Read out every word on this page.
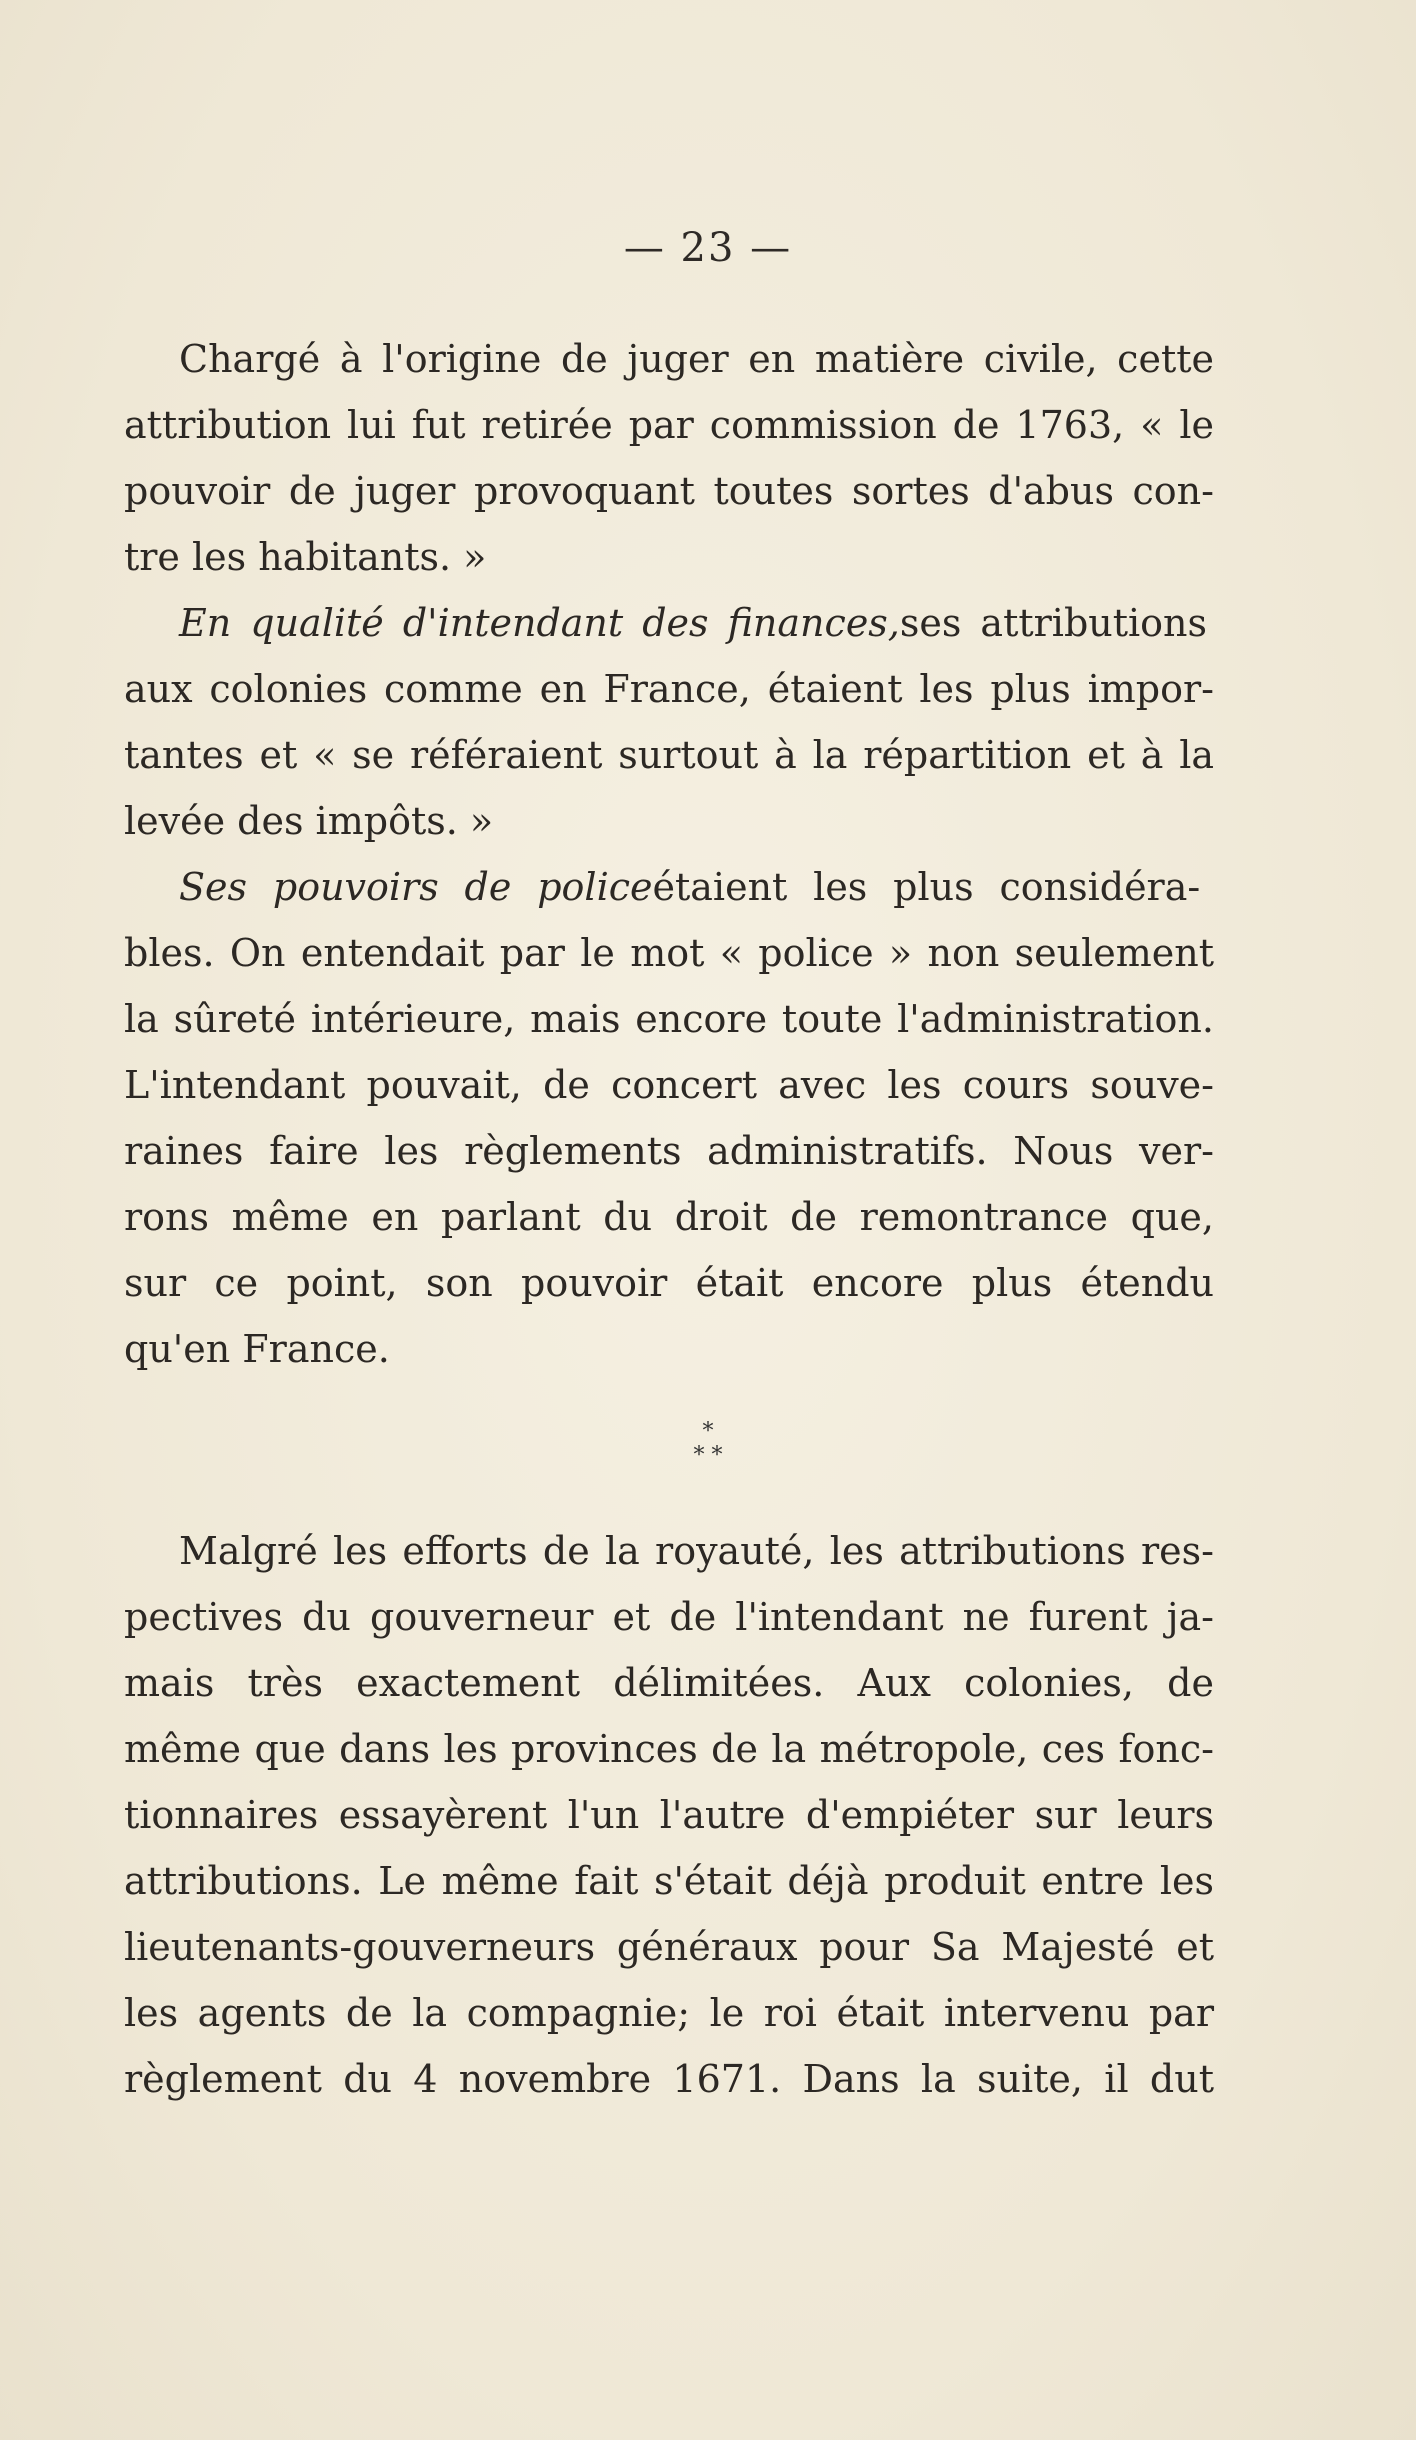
— 23 —
Chargé à l'origine de juger en matière civile, cette
attribution lui fut retirée par commission de 1763, « le
pouvoir de juger provoquant toutes sortes d'abus con-
tre les habitants. »
En qualité d'intendant des finances, ses attributions
aux colonies comme en France, étaient les plus impor-
tantes et « se référaient surtout à la répartition et à la
levée des impôts. »
Ses pouvoirs de police étaient les plus considéra-
bles. On entendait par le mot « police » non seulement
la sûreté intérieure, mais encore toute l'administration.
L'intendant pouvait, de concert avec les cours souve-
raines faire les règlements administratifs. Nous ver-
rons même en parlant du droit de remontrance que,
sur ce point, son pouvoir était encore plus étendu
qu'en France.
*
* *
Malgré les efforts de la royauté, les attributions res-
pectives du gouverneur et de l'intendant ne furent ja-
mais très exactement délimitées. Aux colonies, de
même que dans les provinces de la métropole, ces fonc-
tionnaires essayèrent l'un l'autre d'empiéter sur leurs
attributions. Le même fait s'était déjà produit entre les
lieutenants-gouverneurs généraux pour Sa Majesté et
les agents de la compagnie; le roi était intervenu par
règlement du 4 novembre 1671. Dans la suite, il dut
